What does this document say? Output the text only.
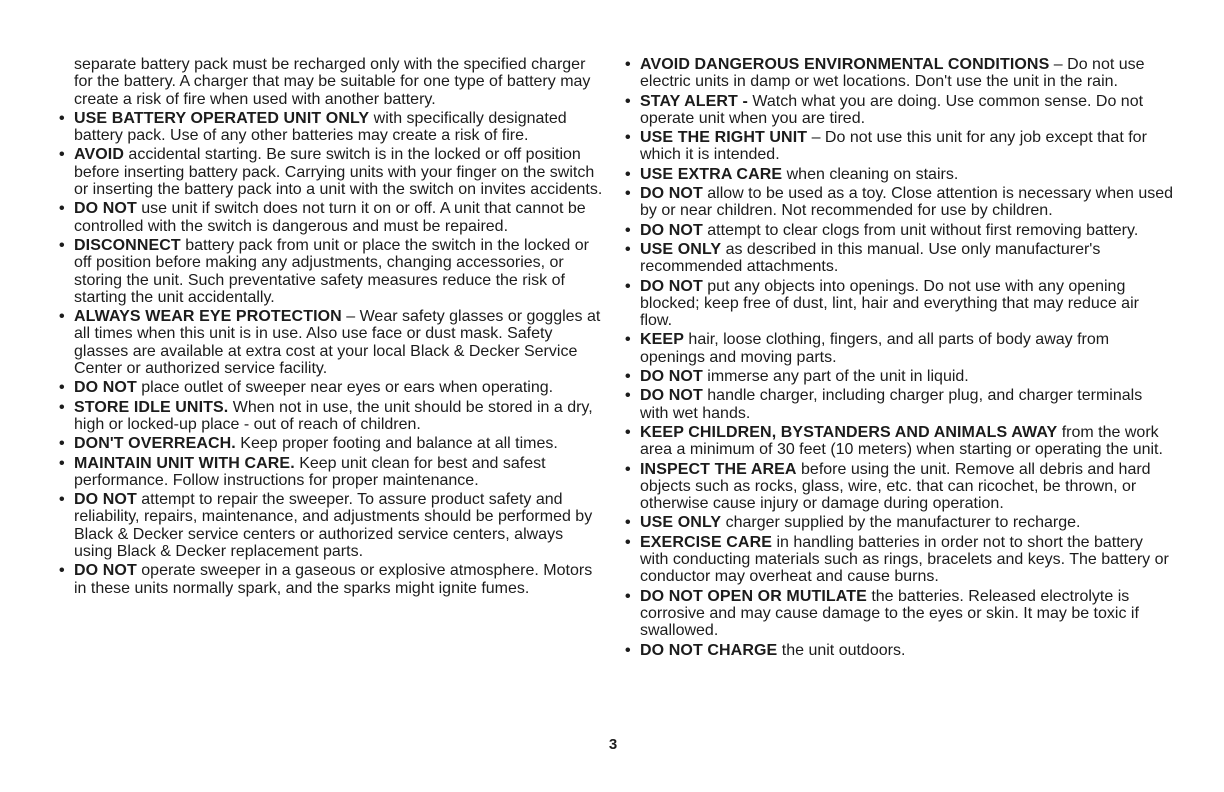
separate battery pack must be recharged only with the specified charger for the battery. A charger that may be suitable for one type of battery may create a risk of fire when used with another battery.
• USE BATTERY OPERATED UNIT ONLY with specifically designated battery pack. Use of any other batteries may create a risk of fire.
• AVOID accidental starting. Be sure switch is in the locked or off position before inserting battery pack. Carrying units with your finger on the switch or inserting the battery pack into a unit with the switch on invites accidents.
• DO NOT use unit if switch does not turn it on or off. A unit that cannot be controlled with the switch is dangerous and must be repaired.
• DISCONNECT battery pack from unit or place the switch in the locked or off position before making any adjustments, changing accessories, or storing the unit. Such preventative safety measures reduce the risk of starting the unit accidentally.
• ALWAYS WEAR EYE PROTECTION – Wear safety glasses or goggles at all times when this unit is in use. Also use face or dust mask. Safety glasses are available at extra cost at your local Black & Decker Service Center or authorized service facility.
• DO NOT place outlet of sweeper near eyes or ears when operating.
• STORE IDLE UNITS. When not in use, the unit should be stored in a dry, high or locked-up place - out of reach of children.
• DON'T OVERREACH. Keep proper footing and balance at all times.
• MAINTAIN UNIT WITH CARE. Keep unit clean for best and safest performance. Follow instructions for proper maintenance.
• DO NOT attempt to repair the sweeper. To assure product safety and reliability, repairs, maintenance, and adjustments should be performed by Black & Decker service centers or authorized service centers, always using Black & Decker replacement parts.
• DO NOT operate sweeper in a gaseous or explosive atmosphere. Motors in these units normally spark, and the sparks might ignite fumes.
• AVOID DANGEROUS ENVIRONMENTAL CONDITIONS – Do not use electric units in damp or wet locations. Don't use the unit in the rain.
• STAY ALERT - Watch what you are doing. Use common sense. Do not operate unit when you are tired.
• USE THE RIGHT UNIT – Do not use this unit for any job except that for which it is intended.
• USE EXTRA CARE when cleaning on stairs.
• DO NOT allow to be used as a toy. Close attention is necessary when used by or near children. Not recommended for use by children.
• DO NOT attempt to clear clogs from unit without first removing battery.
• USE ONLY as described in this manual. Use only manufacturer's recommended attachments.
• DO NOT put any objects into openings. Do not use with any opening blocked; keep free of dust, lint, hair and everything that may reduce air flow.
• KEEP hair, loose clothing, fingers, and all parts of body away from openings and moving parts.
• DO NOT immerse any part of the unit in liquid.
• DO NOT handle charger, including charger plug, and charger terminals with wet hands.
• KEEP CHILDREN, BYSTANDERS AND ANIMALS AWAY from the work area a minimum of 30 feet (10 meters) when starting or operating the unit.
• INSPECT THE AREA before using the unit. Remove all debris and hard objects such as rocks, glass, wire, etc. that can ricochet, be thrown, or otherwise cause injury or damage during operation.
• USE ONLY charger supplied by the manufacturer to recharge.
• EXERCISE CARE in handling batteries in order not to short the battery with conducting materials such as rings, bracelets and keys. The battery or conductor may overheat and cause burns.
• DO NOT OPEN OR MUTILATE the batteries. Released electrolyte is corrosive and may cause damage to the eyes or skin. It may be toxic if swallowed.
• DO NOT CHARGE the unit outdoors.
3
